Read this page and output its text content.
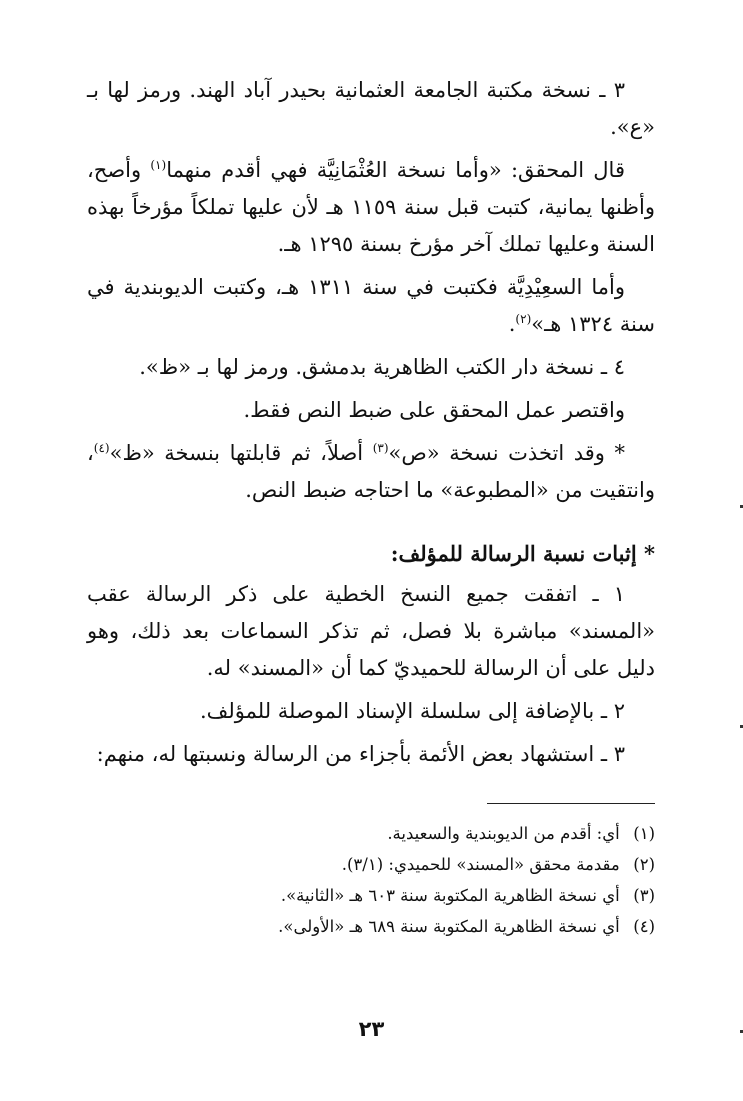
٣ ـ نسخة مكتبة الجامعة العثمانية بحيدر آباد الهند. ورمز لها بـ «ع».

قال المحقق: «وأما نسخة العُثْمَانِيَّة فهي أقدم منهما$^{(١)}$ وأصح، وأظنها يمانية، كتبت قبل سنة ١١٥٩ هـ لأن عليها تملكاً مؤرخاً بهذه السنة وعليها تملك آخر مؤرخ بسنة ١٢٩٥ هـ.

وأما السعِيْدِيَّة فكتبت في سنة ١٣١١ هـ، وكتبت الديوبندية في سنة ١٣٢٤ هـ»$^{(٢)}$.

٤ ـ نسخة دار الكتب الظاهرية بدمشق. ورمز لها بـ «ظ».

واقتصر عمل المحقق على ضبط النص فقط.

* وقد اتخذت نسخة «ص»$^{(٣)}$ أصلاً، ثم قابلتها بنسخة «ظ»$^{(٤)}$، وانتقيت من «المطبوعة» ما احتاجه ضبط النص.

* إثبات نسبة الرسالة للمؤلف:

١ ـ اتفقت جميع النسخ الخطية على ذكر الرسالة عقب «المسند» مباشرة بلا فصل، ثم تذكر السماعات بعد ذلك، وهو دليل على أن الرسالة للحميديّ كما أن «المسند» له.

٢ ـ بالإضافة إلى سلسلة الإسناد الموصلة للمؤلف.

٣ ـ استشهاد بعض الأئمة بأجزاء من الرسالة ونسبتها له، منهم:

(١) أي: أقدم من الديوبندية والسعيدية.

(٢) مقدمة محقق «المسند» للحميدي: (٣/١).

(٣) أي نسخة الظاهرية المكتوبة سنة ٦٠٣ هـ «الثانية».

(٤) أي نسخة الظاهرية المكتوبة سنة ٦٨٩ هـ «الأولى».

٢٣
